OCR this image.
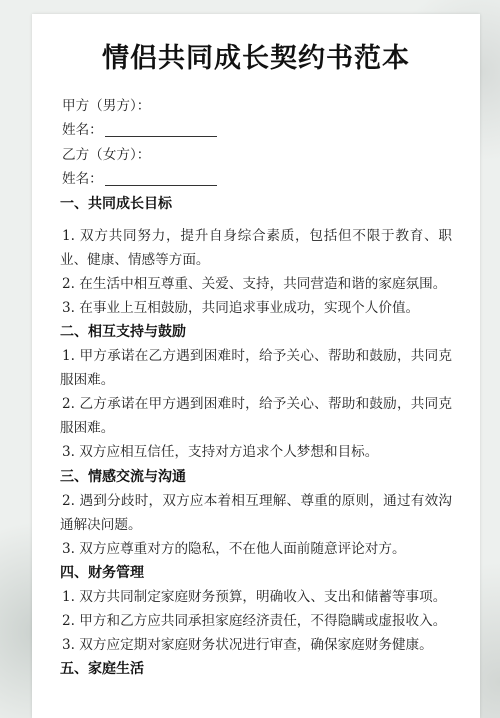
情侣共同成长契约书范本
甲方（男方）：
姓名：
乙方（女方）：
姓名：
一、共同成长目标
1. 双方共同努力，提升自身综合素质，包括但不限于教育、职
业、健康、情感等方面。
2. 在生活中相互尊重、关爱、支持，共同营造和谐的家庭氛围。
3. 在事业上互相鼓励，共同追求事业成功，实现个人价值。
二、相互支持与鼓励
1. 甲方承诺在乙方遇到困难时，给予关心、帮助和鼓励，共同克
服困难。
2. 乙方承诺在甲方遇到困难时，给予关心、帮助和鼓励，共同克
服困难。
3. 双方应相互信任，支持对方追求个人梦想和目标。
三、情感交流与沟通
2. 遇到分歧时，双方应本着相互理解、尊重的原则，通过有效沟
通解决问题。
3. 双方应尊重对方的隐私，不在他人面前随意评论对方。
四、财务管理
1. 双方共同制定家庭财务预算，明确收入、支出和储蓄等事项。
2. 甲方和乙方应共同承担家庭经济责任，不得隐瞒或虚报收入。
3. 双方应定期对家庭财务状况进行审查，确保家庭财务健康。
五、家庭生活
